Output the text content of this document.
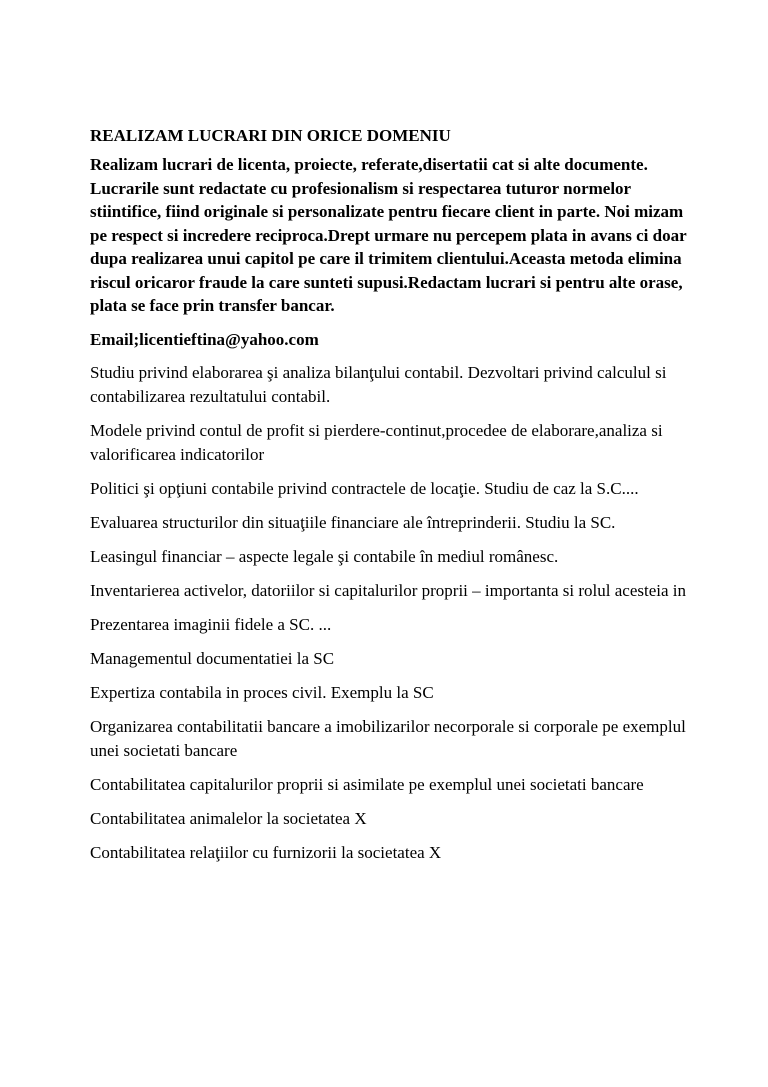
REALIZAM LUCRARI DIN ORICE DOMENIU

Realizam lucrari de licenta, proiecte, referate,disertatii cat si alte documente. Lucrarile sunt redactate cu profesionalism si respectarea tuturor normelor stiintifice, fiind originale si personalizate pentru fiecare client in parte. Noi mizam pe respect si incredere reciproca.Drept urmare nu percepem plata in avans ci doar dupa realizarea unui capitol pe care il trimitem clientului.Aceasta metoda elimina riscul oricaror fraude la care sunteti supusi.Redactam lucrari si pentru alte orase, plata se face prin transfer bancar.

Email;licentieftina@yahoo.com

Studiu privind elaborarea şi analiza bilanţului contabil. Dezvoltari privind calculul si contabilizarea rezultatului contabil.
Modele privind contul de profit si pierdere-continut,procedee de elaborare,analiza si valorificarea indicatorilor
Politici şi opţiuni contabile privind contractele de locaţie. Studiu de caz la S.C....
Evaluarea structurilor din situaţiile financiare ale întreprinderii. Studiu la SC.
Leasingul financiar – aspecte legale şi contabile în mediul românesc.
Inventarierea activelor, datoriilor si capitalurilor proprii – importanta si rolul acesteia in
Prezentarea imaginii fidele a SC. ...
Managementul documentatiei la SC
Expertiza contabila in proces civil. Exemplu la SC
Organizarea contabilitatii bancare a imobilizarilor necorporale si corporale pe exemplul unei societati bancare
Contabilitatea capitalurilor proprii si asimilate pe exemplul unei societati bancare
Contabilitatea animalelor la societatea X
Contabilitatea relaţiilor cu furnizorii la societatea X
